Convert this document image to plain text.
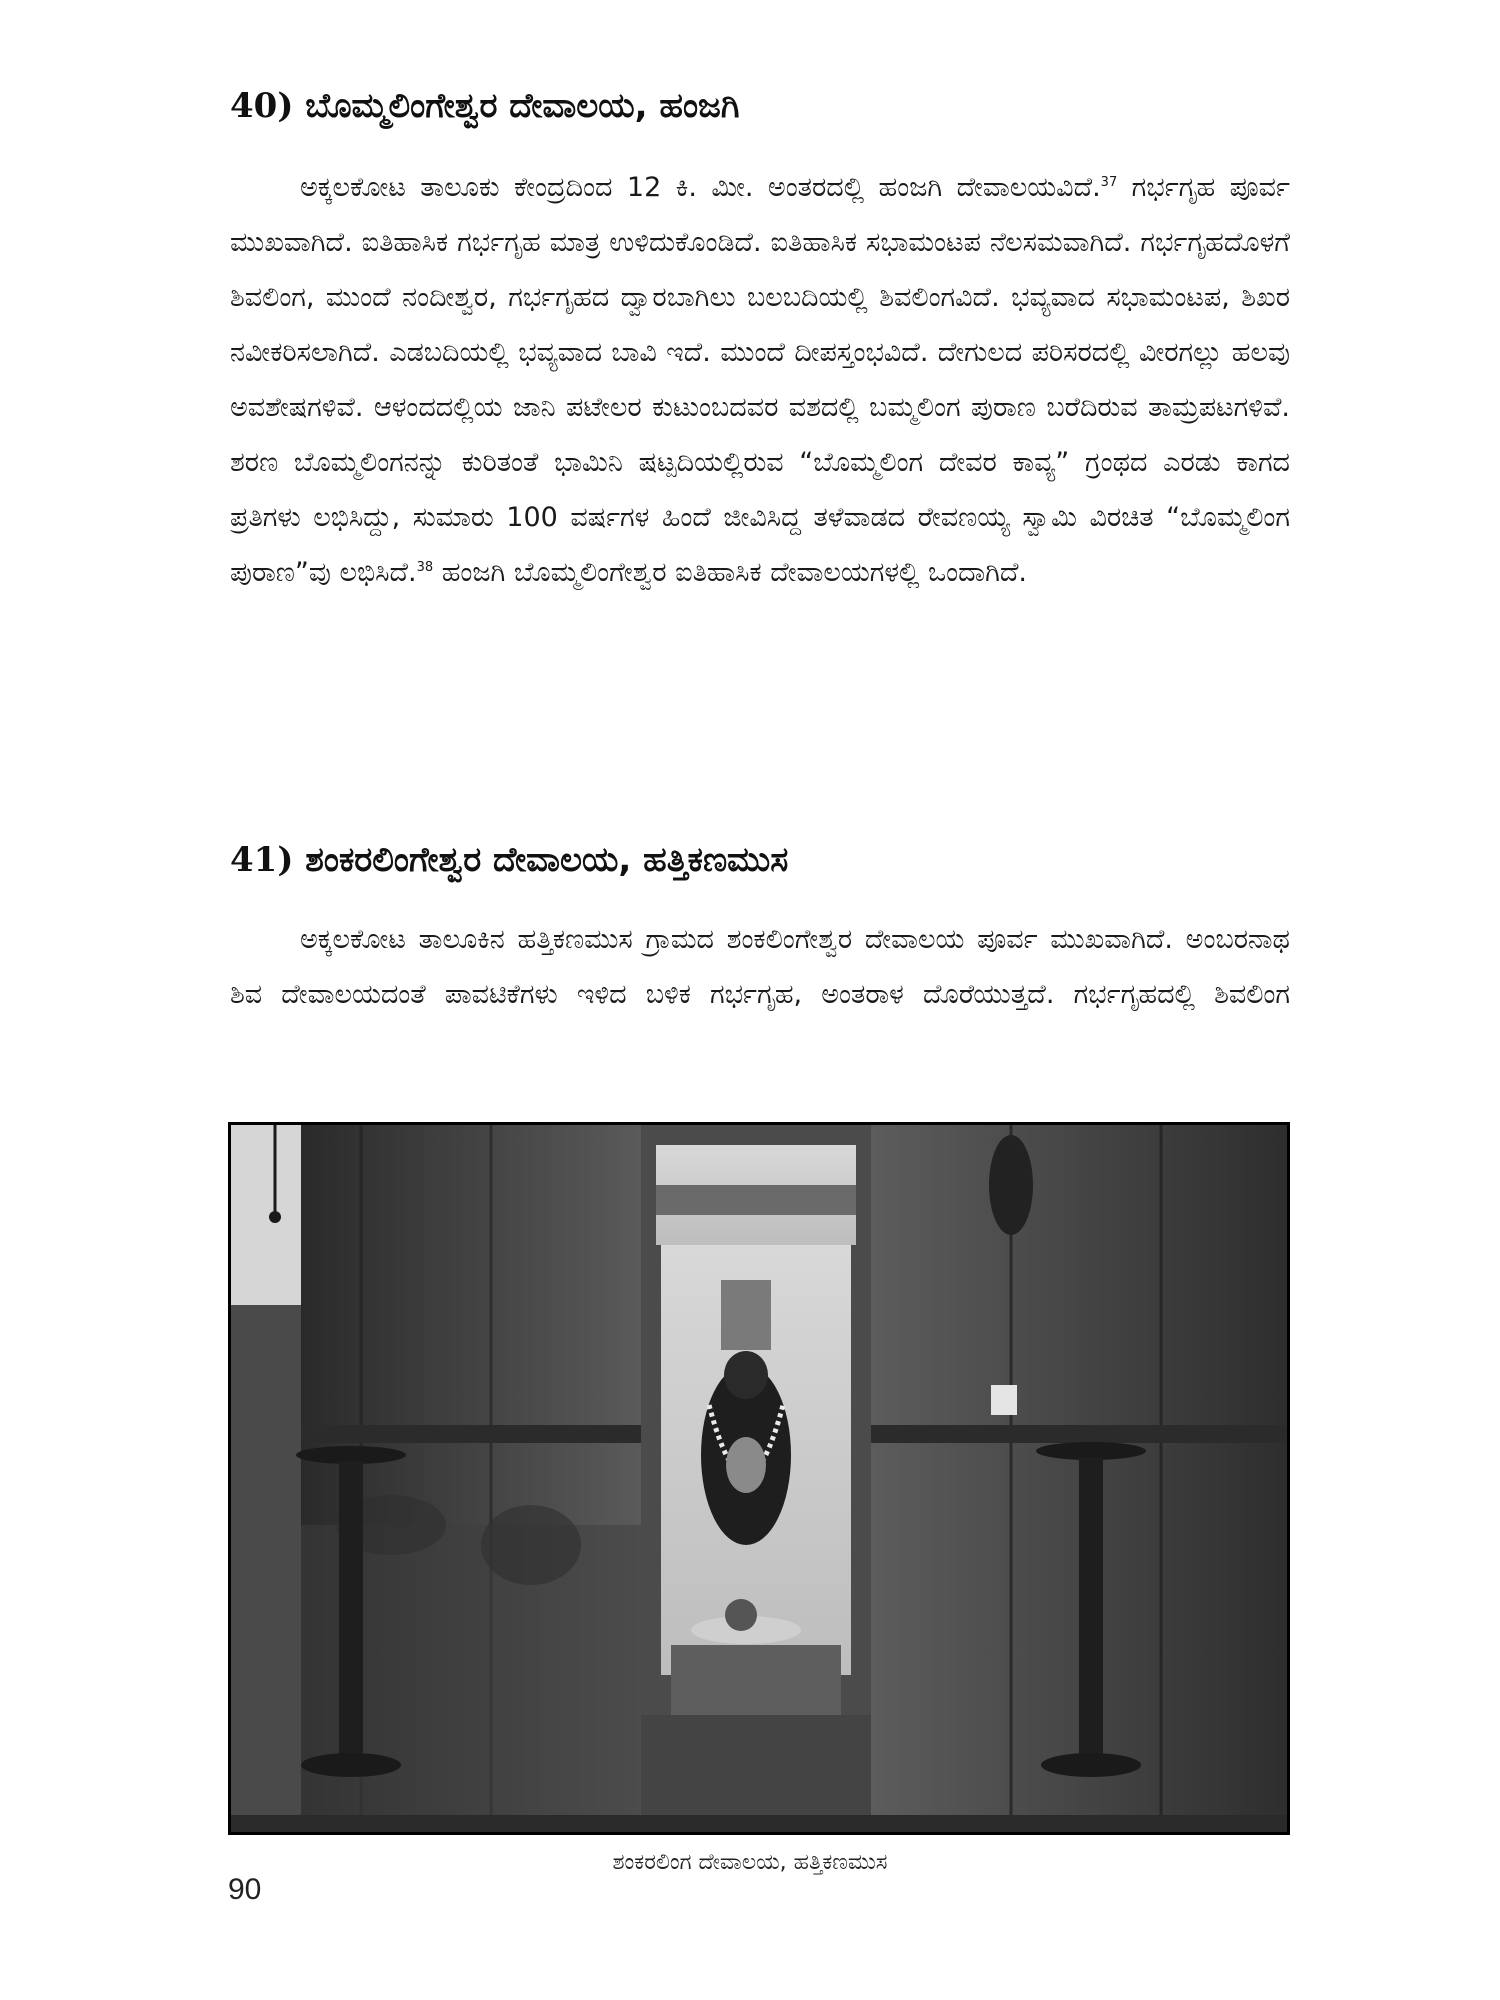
40) ಬೊಮ್ಮಲಿಂಗೇಶ್ವರ ದೇವಾಲಯ, ಹಂಜಗಿ

ಅಕ್ಕಲಕೋಟ ತಾಲೂಕು ಕೇಂದ್ರದಿಂದ 12 ಕಿ. ಮೀ. ಅಂತರದಲ್ಲಿ ಹಂಜಗಿ ದೇವಾಲಯವಿದೆ.$^{37}$ ಗರ್ಭಗೃಹ ಪೂರ್ವ ಮುಖವಾಗಿದೆ. ಐತಿಹಾಸಿಕ ಗರ್ಭಗೃಹ ಮಾತ್ರ ಉಳಿದುಕೊಂಡಿದೆ. ಐತಿಹಾಸಿಕ ಸಭಾಮಂಟಪ ನೆಲಸಮವಾಗಿದೆ. ಗರ್ಭಗೃಹದೊಳಗೆ ಶಿವಲಿಂಗ, ಮುಂದೆ ನಂದೀಶ್ವರ, ಗರ್ಭಗೃಹದ ದ್ವಾರಬಾಗಿಲು ಬಲಬದಿಯಲ್ಲಿ ಶಿವಲಿಂಗವಿದೆ. ಭವ್ಯವಾದ ಸಭಾಮಂಟಪ, ಶಿಖರ ನವೀಕರಿಸಲಾಗಿದೆ. ಎಡಬದಿಯಲ್ಲಿ ಭವ್ಯವಾದ ಬಾವಿ ಇದೆ. ಮುಂದೆ ದೀಪಸ್ತಂಭವಿದೆ. ದೇಗುಲದ ಪರಿಸರದಲ್ಲಿ ವೀರಗಲ್ಲು ಹಲವು ಅವಶೇಷಗಳಿವೆ. ಆಳಂದದಲ್ಲಿಯ ಜಾನಿ ಪಟೇಲರ ಕುಟುಂಬದವರ ವಶದಲ್ಲಿ ಬಮ್ಮಲಿಂಗ ಪುರಾಣ ಬರೆದಿರುವ ತಾಮ್ರಪಟಗಳಿವೆ. ಶರಣ ಬೊಮ್ಮಲಿಂಗನನ್ನು ಕುರಿತಂತೆ ಭಾಮಿನಿ ಷಟ್ಪದಿಯಲ್ಲಿರುವ “ಬೊಮ್ಮಲಿಂಗ ದೇವರ ಕಾವ್ಯ” ಗ್ರಂಥದ ಎರಡು ಕಾಗದ ಪ್ರತಿಗಳು ಲಭಿಸಿದ್ದು, ಸುಮಾರು 100 ವರ್ಷಗಳ ಹಿಂದೆ ಜೀವಿಸಿದ್ದ ತಳೆವಾಡದ ರೇವಣಯ್ಯ ಸ್ವಾಮಿ ವಿರಚಿತ “ಬೊಮ್ಮಲಿಂಗ ಪುರಾಣ”ವು ಲಭಿಸಿದೆ.$^{38}$ ಹಂಜಗಿ ಬೊಮ್ಮಲಿಂಗೇಶ್ವರ ಐತಿಹಾಸಿಕ ದೇವಾಲಯಗಳಲ್ಲಿ ಒಂದಾಗಿದೆ.

41) ಶಂಕರಲಿಂಗೇಶ್ವರ ದೇವಾಲಯ, ಹತ್ತಿಕಣಮುಸ

ಅಕ್ಕಲಕೋಟ ತಾಲೂಕಿನ ಹತ್ತಿಕಣಮುಸ ಗ್ರಾಮದ ಶಂಕಲಿಂಗೇಶ್ವರ ದೇವಾಲಯ ಪೂರ್ವ ಮುಖವಾಗಿದೆ. ಅಂಬರನಾಥ ಶಿವ ದೇವಾಲಯದಂತೆ ಪಾವಟಿಕೆಗಳು ಇಳಿದ ಬಳಿಕ ಗರ್ಭಗೃಹ, ಅಂತರಾಳ ದೊರೆಯುತ್ತದೆ. ಗರ್ಭಗೃಹದಲ್ಲಿ ಶಿವಲಿಂಗ

ಶಂಕರಲಿಂಗ ದೇವಾಲಯ, ಹತ್ತಿಕಣಮುಸ
90
